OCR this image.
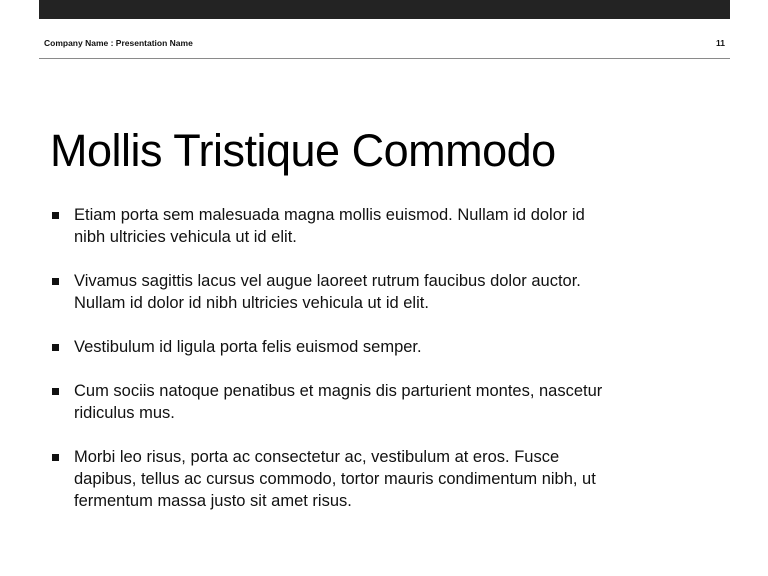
Company Name : Presentation Name	11
Mollis Tristique Commodo
Etiam porta sem malesuada magna mollis euismod. Nullam id dolor id nibh ultricies vehicula ut id elit.
Vivamus sagittis lacus vel augue laoreet rutrum faucibus dolor auctor. Nullam id dolor id nibh ultricies vehicula ut id elit.
Vestibulum id ligula porta felis euismod semper.
Cum sociis natoque penatibus et magnis dis parturient montes, nascetur ridiculus mus.
Morbi leo risus, porta ac consectetur ac, vestibulum at eros. Fusce dapibus, tellus ac cursus commodo, tortor mauris condimentum nibh, ut fermentum massa justo sit amet risus.
